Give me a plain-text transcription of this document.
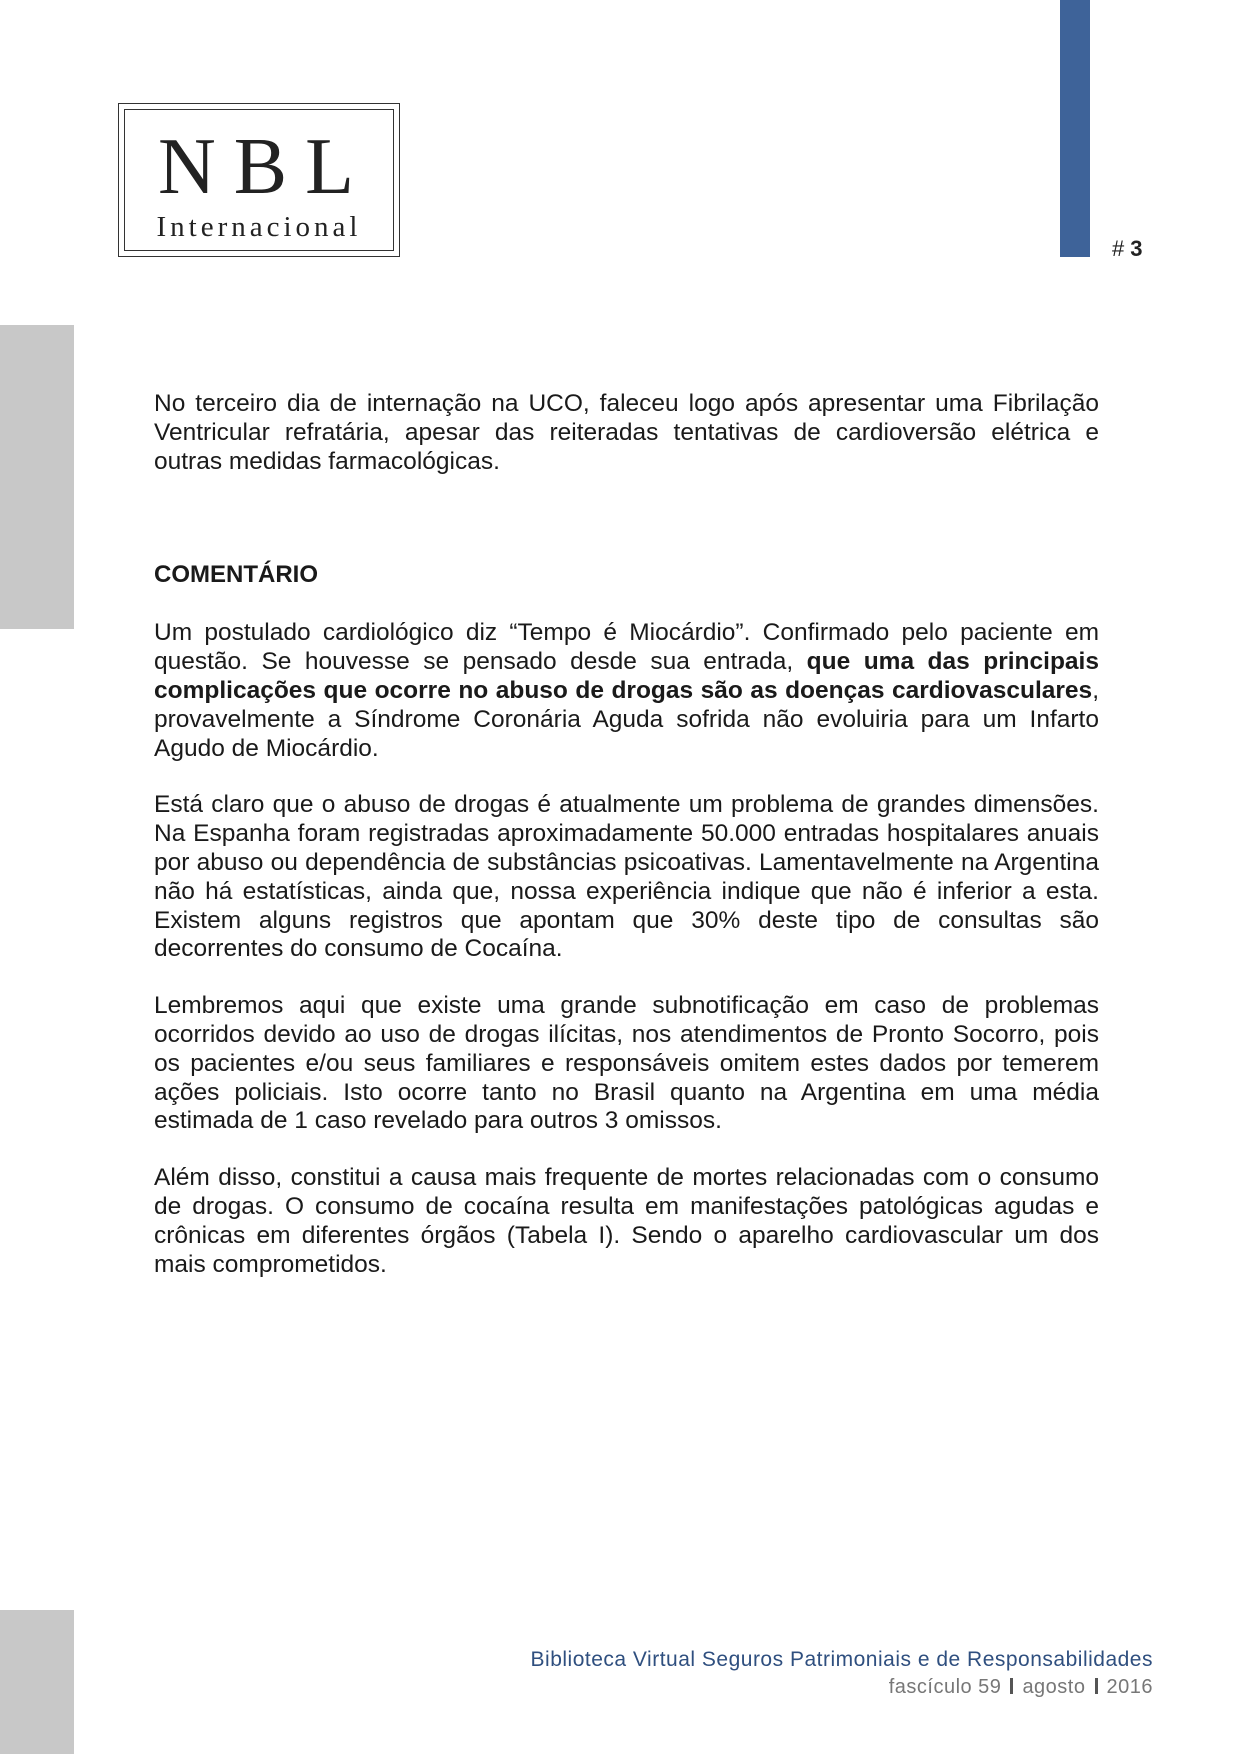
NBL
Internacional
# 3

No terceiro dia de internação na UCO, faleceu logo após apresentar uma Fibrilação Ventricular refratária, apesar das reiteradas tentativas de cardioversão elétrica e outras medidas farmacológicas.

COMENTÁRIO

Um postulado cardiológico diz “Tempo é Miocárdio”. Confirmado pelo paciente em questão. Se houvesse se pensado desde sua entrada, que uma das principais complicações que ocorre no abuso de drogas são as doenças cardiovasculares, provavelmente a Síndrome Coronária Aguda sofrida não evoluiria para um Infarto Agudo de Miocárdio.

Está claro que o abuso de drogas é atualmente um problema de grandes dimensões. Na Espanha foram registradas aproximadamente 50.000 entradas hospitalares anuais por abuso ou dependência de substâncias psicoativas. Lamentavelmente na Argentina não há estatísticas, ainda que, nossa experiência indique que não é inferior a esta. Existem alguns registros que apontam que 30% deste tipo de consultas são decorrentes do consumo de Cocaína.

Lembremos aqui que existe uma grande subnotificação em caso de problemas ocorridos devido ao uso de drogas ilícitas, nos atendimentos de Pronto Socorro, pois os pacientes e/ou seus familiares e responsáveis omitem estes dados por temerem ações policiais. Isto ocorre tanto no Brasil quanto na Argentina em uma média estimada de 1 caso revelado para outros 3 omissos.

Além disso, constitui a causa mais frequente de mortes relacionadas com o consumo de drogas. O consumo de cocaína resulta em manifestações patológicas agudas e crônicas em diferentes órgãos (Tabela I). Sendo o aparelho cardiovascular um dos mais comprometidos.

Biblioteca Virtual Seguros Patrimoniais e de Responsabilidades
fascículo 59 agosto 2016
